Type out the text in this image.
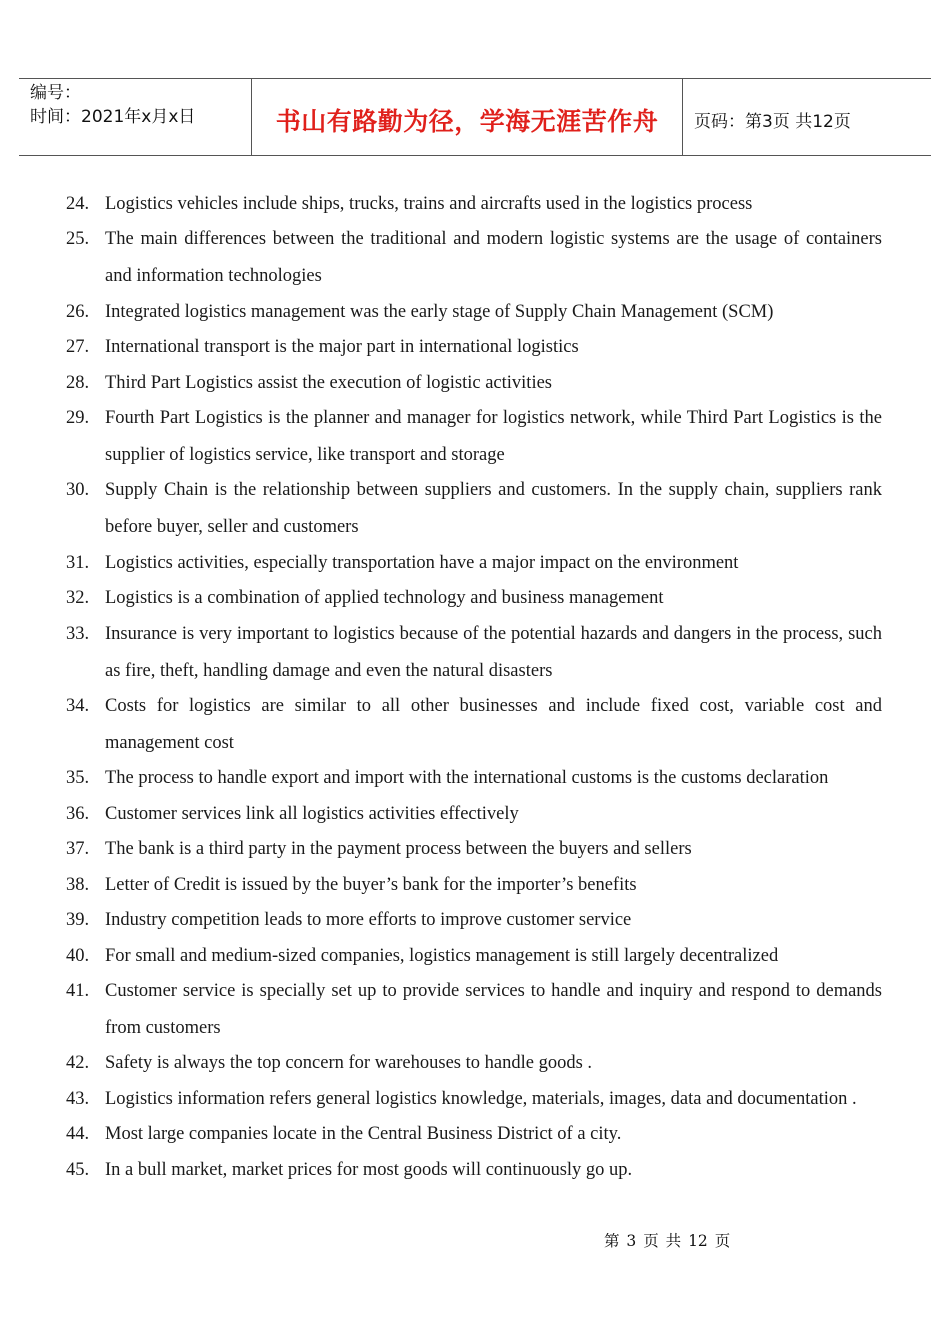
编号：
时间：2021年x月x日	书山有路勤为径，学海无涯苦作舟	页码：第3页 共12页
24. Logistics vehicles include ships, trucks, trains and aircrafts used in the logistics process
25. The main differences between the traditional and modern logistic systems are the usage of containers and information technologies
26. Integrated logistics management was the early stage of Supply Chain Management (SCM)
27. International transport is the major part in international logistics
28. Third Part Logistics assist the execution of logistic activities
29. Fourth Part Logistics is the planner and manager for logistics network, while Third Part Logistics is the supplier of logistics service, like transport and storage
30. Supply Chain is the relationship between suppliers and customers. In the supply chain, suppliers rank before buyer, seller and customers
31. Logistics activities, especially transportation have a major impact on the environment
32. Logistics is a combination of applied technology and business management
33. Insurance is very important to logistics because of the potential hazards and dangers in the process, such as fire, theft, handling damage and even the natural disasters
34. Costs for logistics are similar to all other businesses and include fixed cost, variable cost and management cost
35. The process to handle export and import with the international customs is the customs declaration
36. Customer services link all logistics activities effectively
37. The bank is a third party in the payment process between the buyers and sellers
38. Letter of Credit is issued by the buyer’s bank for the importer’s benefits
39. Industry competition leads to more efforts to improve customer service
40. For small and medium-sized companies, logistics management is still largely decentralized
41. Customer service is specially set up to provide services to handle and inquiry and respond to demands from customers
42. Safety is always the top concern for warehouses to handle goods .
43. Logistics information refers general logistics knowledge, materials, images, data and documentation .
44. Most large companies locate in the Central Business District of a city.
45. In a bull market, market prices for most goods will continuously go up.
第 3 页 共 12 页
